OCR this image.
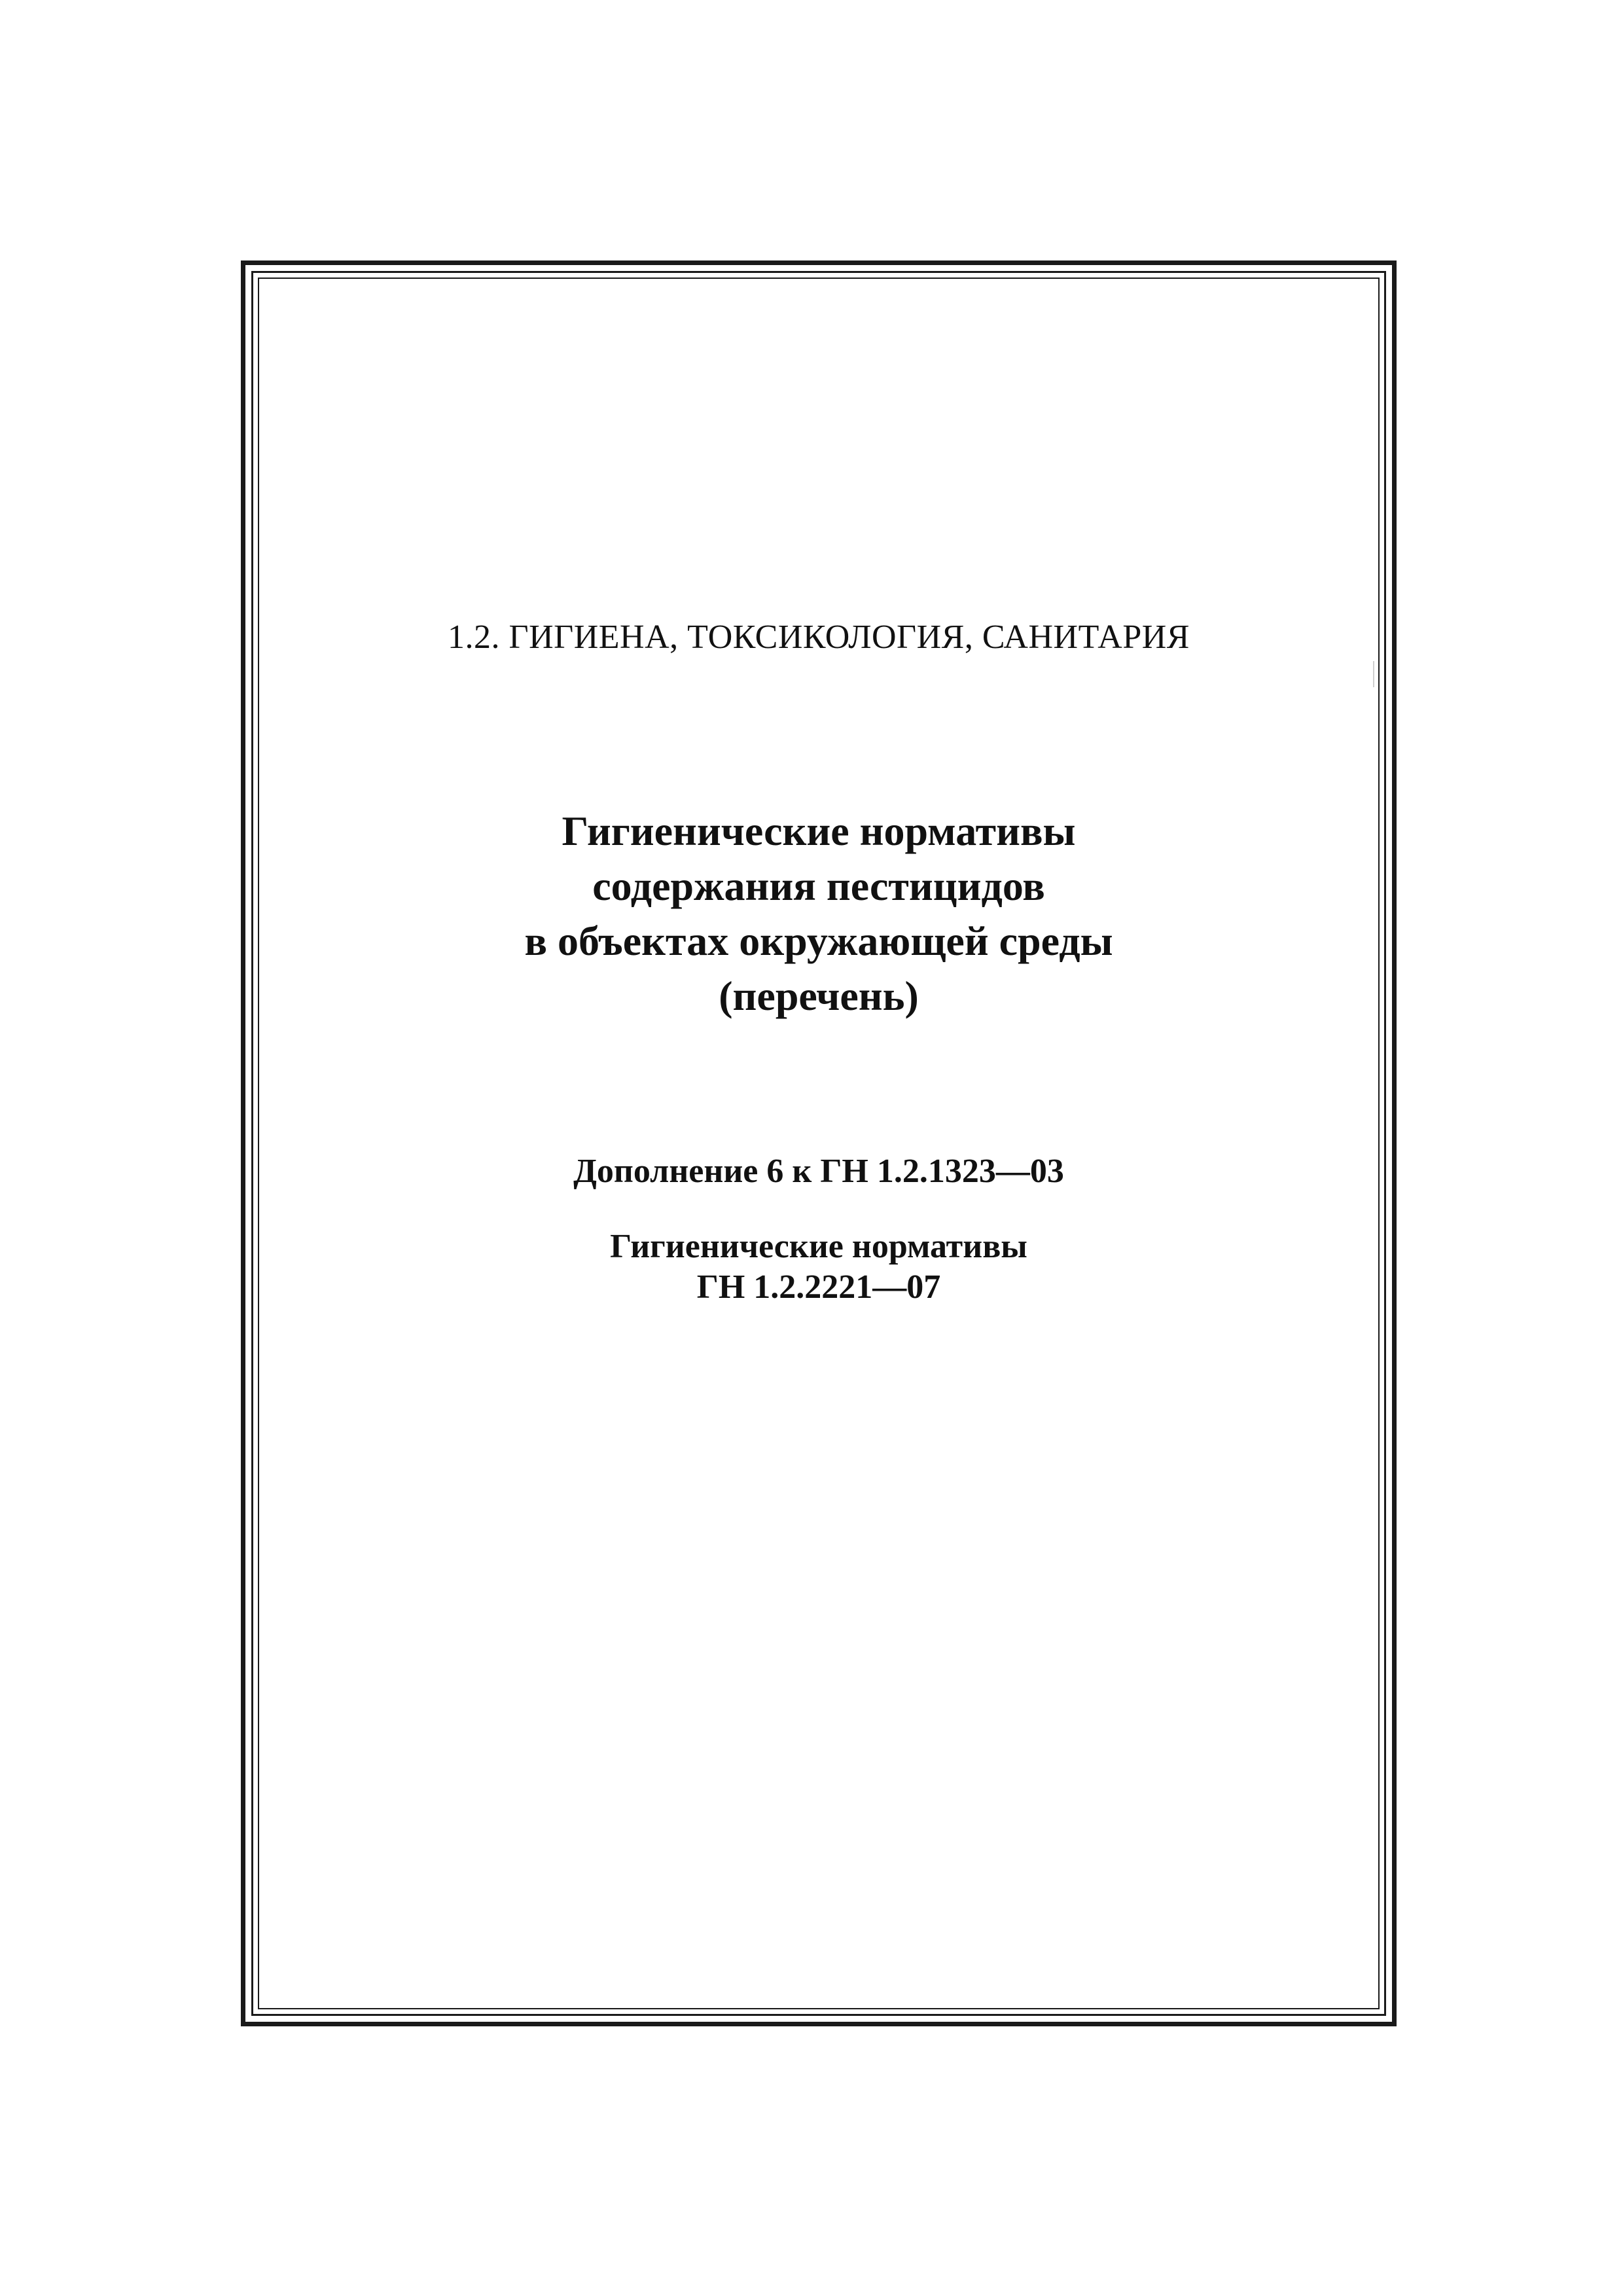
1.2. ГИГИЕНА, ТОКСИКОЛОГИЯ, САНИТАРИЯ
Гигиенические нормативы
содержания пестицидов
в объектах окружающей среды
(перечень)
Дополнение 6 к ГН 1.2.1323—03
Гигиенические нормативы
ГН 1.2.2221—07
